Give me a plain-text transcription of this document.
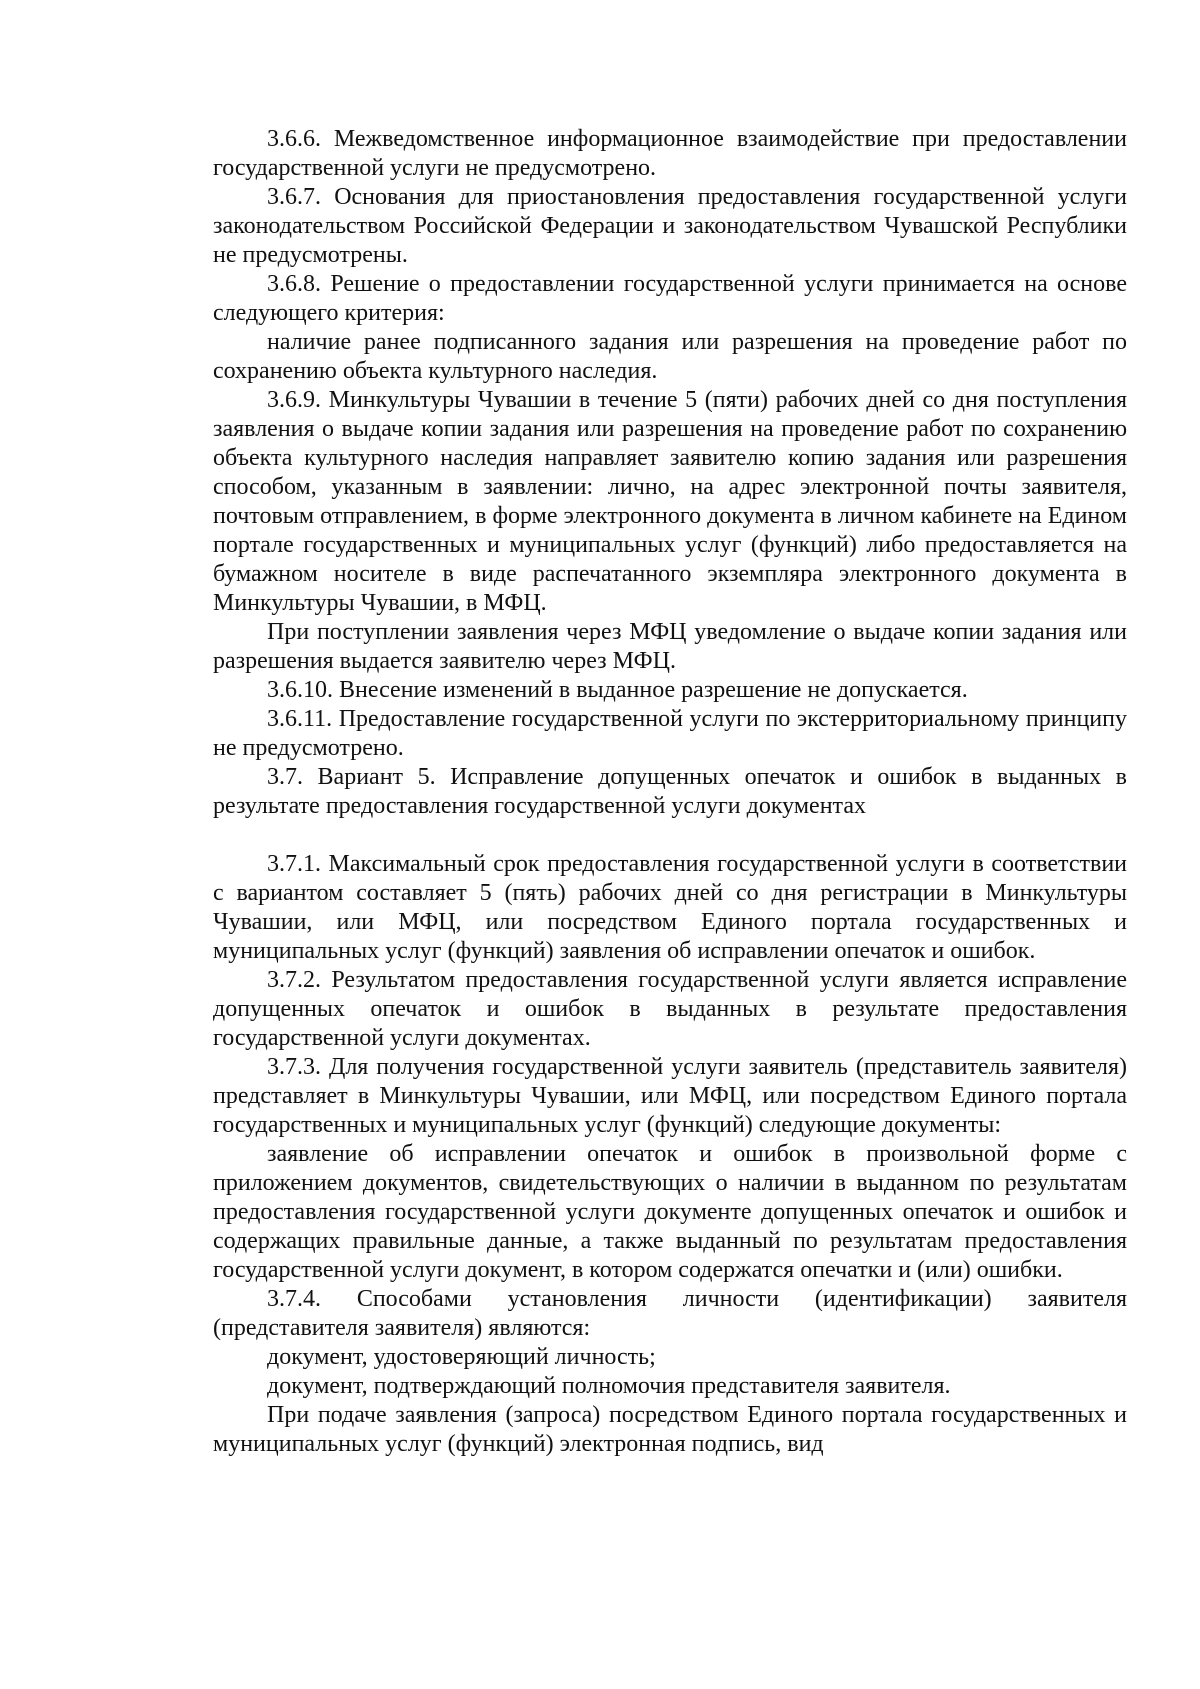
3.6.6. Межведомственное информационное взаимодействие при предоставлении государственной услуги не предусмотрено.

3.6.7. Основания для приостановления предоставления государственной услуги законодательством Российской Федерации и законодательством Чувашской Республики не предусмотрены.

3.6.8. Решение о предоставлении государственной услуги принимается на основе следующего критерия:

наличие ранее подписанного задания или разрешения на проведение работ по сохранению объекта культурного наследия.

3.6.9. Минкультуры Чувашии в течение 5 (пяти) рабочих дней со дня поступления заявления о выдаче копии задания или разрешения на проведение работ по сохранению объекта культурного наследия направляет заявителю копию задания или разрешения способом, указанным в заявлении: лично, на адрес электронной почты заявителя, почтовым отправлением, в форме электронного документа в личном кабинете на Едином портале государственных и муниципальных услуг (функций) либо предоставляется на бумажном носителе в виде распечатанного экземпляра электронного документа в Минкультуры Чувашии, в МФЦ.

При поступлении заявления через МФЦ уведомление о выдаче копии задания или разрешения выдается заявителю через МФЦ.

3.6.10. Внесение изменений в выданное разрешение не допускается.

3.6.11. Предоставление государственной услуги по экстерриториальному принципу не предусмотрено.

3.7. Вариант 5. Исправление допущенных опечаток и ошибок в выданных в результате предоставления государственной услуги документах

3.7.1. Максимальный срок предоставления государственной услуги в соответствии с вариантом составляет 5 (пять) рабочих дней со дня регистрации в Минкультуры Чувашии, или МФЦ, или посредством Единого портала государственных и муниципальных услуг (функций) заявления об исправлении опечаток и ошибок.

3.7.2. Результатом предоставления государственной услуги является исправление допущенных опечаток и ошибок в выданных в результате предоставления государственной услуги документах.

3.7.3. Для получения государственной услуги заявитель (представитель заявителя) представляет в Минкультуры Чувашии, или МФЦ, или посредством Единого портала государственных и муниципальных услуг (функций) следующие документы:

заявление об исправлении опечаток и ошибок в произвольной форме с приложением документов, свидетельствующих о наличии в выданном по результатам предоставления государственной услуги документе допущенных опечаток и ошибок и содержащих правильные данные, а также выданный по результатам предоставления государственной услуги документ, в котором содержатся опечатки и (или) ошибки.

3.7.4. Способами установления личности (идентификации) заявителя (представителя заявителя) являются:

документ, удостоверяющий личность;

документ, подтверждающий полномочия представителя заявителя.

При подаче заявления (запроса) посредством Единого портала государственных и муниципальных услуг (функций) электронная подпись, вид
